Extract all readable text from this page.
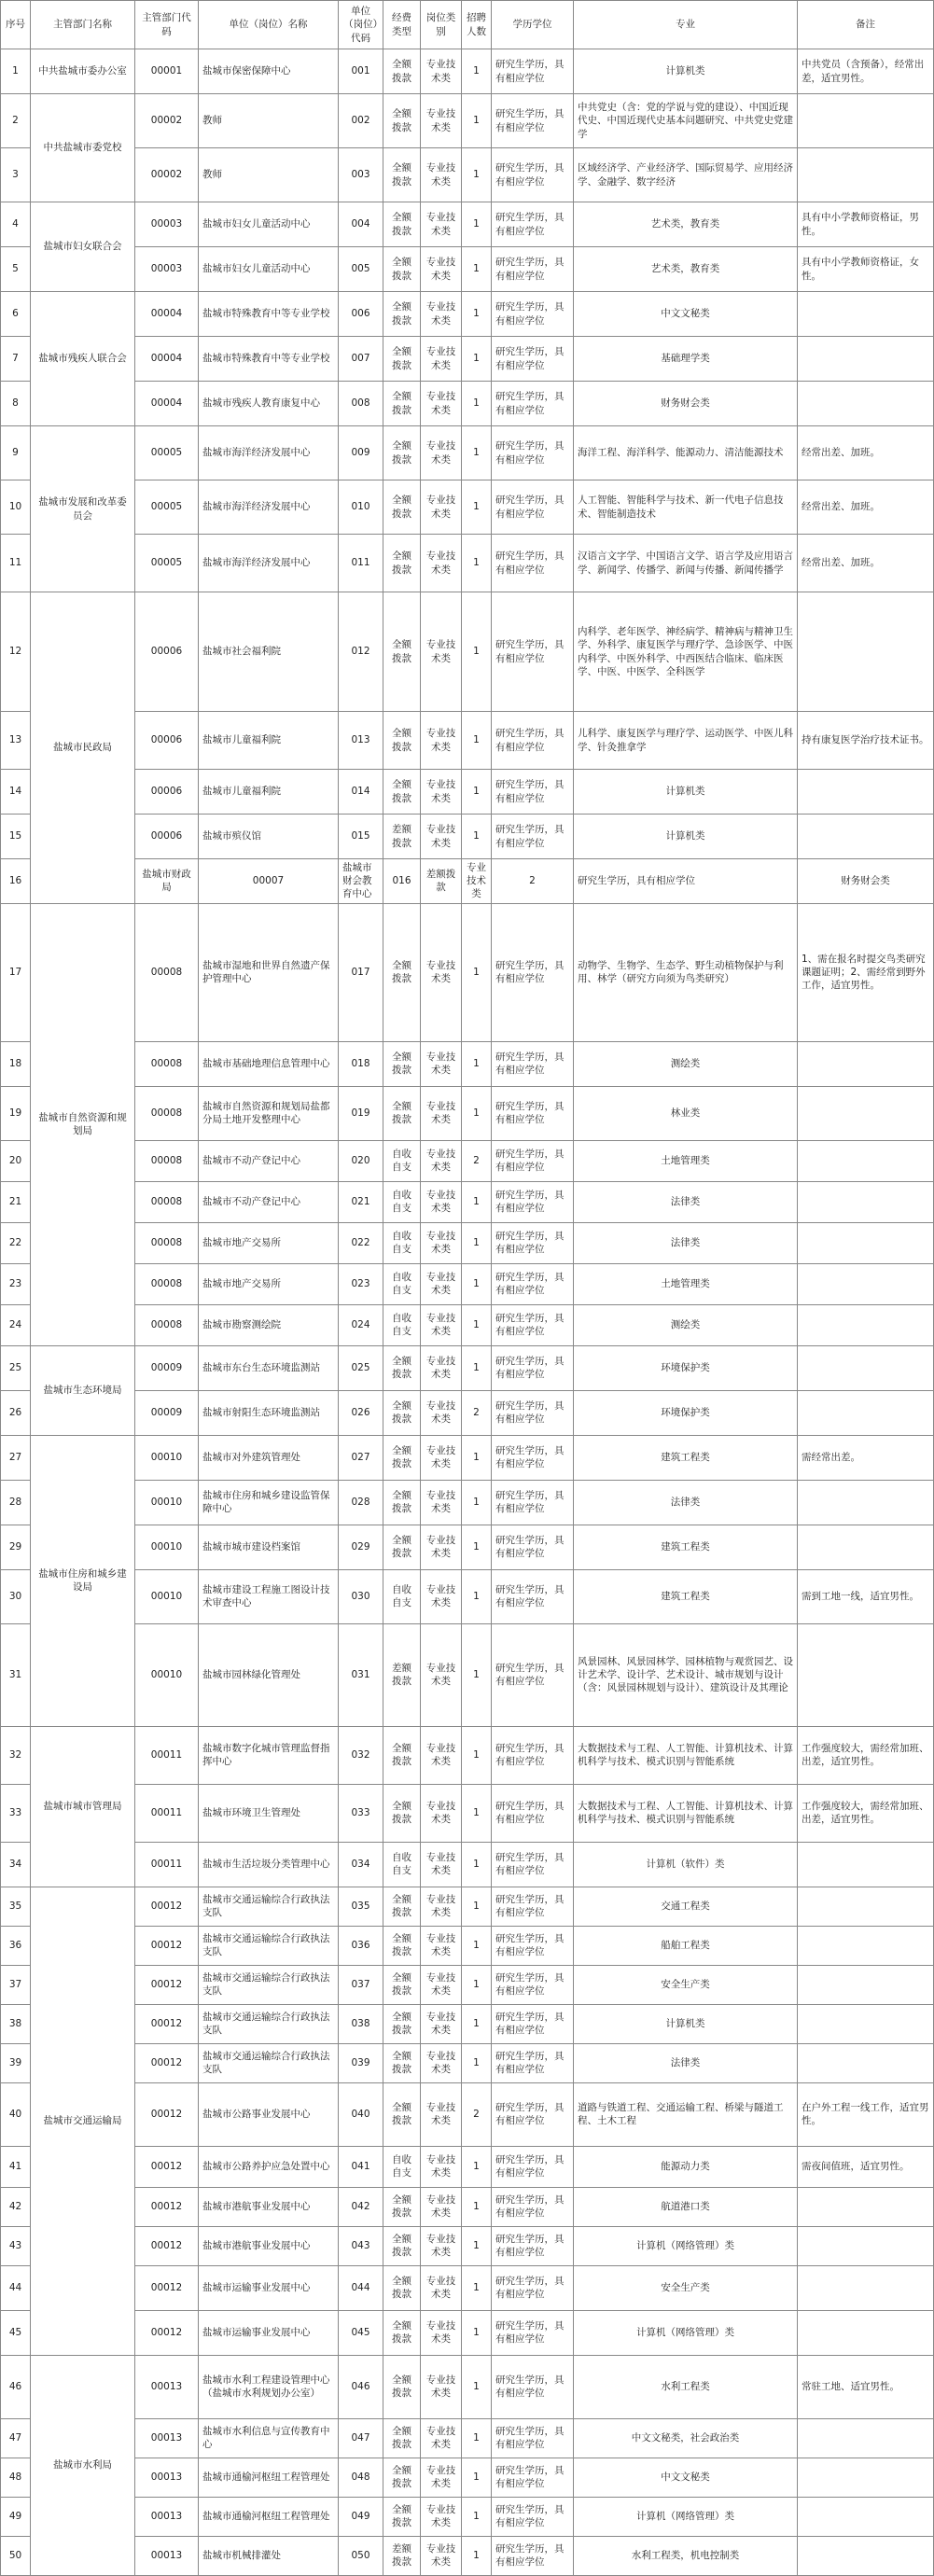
序号	主管部门名称	主管部门代码	单位（岗位）名称	单位（岗位）代码	经费类型	岗位类别	招聘人数	学历学位	专业	备注	
1	中共盐城市委办公室	00001	盐城市保密保障中心	001	全额拨款	专业技术类	1	研究生学历，具有相应学位	计算机类	中共党员（含预备），经常出差，适宜男性。	
2	中共盐城市委党校	00002	教师	002	全额拨款	专业技术类	1	研究生学历，具有相应学位	中共党史（含：党的学说与党的建设）、中国近现代史、中国近现代史基本问题研究、中共党史党建学		
3		00002	教师	003	全额拨款	专业技术类	1	研究生学历，具有相应学位	区域经济学、产业经济学、国际贸易学、应用经济学、金融学、数字经济		
4	盐城市妇女联合会	00003	盐城市妇女儿童活动中心	004	全额拨款	专业技术类	1	研究生学历，具有相应学位	艺术类，教育类	具有中小学教师资格证，男性。	
5		00003	盐城市妇女儿童活动中心	005	全额拨款	专业技术类	1	研究生学历，具有相应学位	艺术类，教育类	具有中小学教师资格证，女性。	
6	盐城市残疾人联合会	00004	盐城市特殊教育中等专业学校	006	全额拨款	专业技术类	1	研究生学历，具有相应学位	中文文秘类		
7		00004	盐城市特殊教育中等专业学校	007	全额拨款	专业技术类	1	研究生学历，具有相应学位	基础理学类		
8		00004	盐城市残疾人教育康复中心	008	全额拨款	专业技术类	1	研究生学历，具有相应学位	财务财会类		
9	盐城市发展和改革委员会	00005	盐城市海洋经济发展中心	009	全额拨款	专业技术类	1	研究生学历，具有相应学位	海洋工程、海洋科学、能源动力、清洁能源技术	经常出差、加班。	
10		00005	盐城市海洋经济发展中心	010	全额拨款	专业技术类	1	研究生学历，具有相应学位	人工智能、智能科学与技术、新一代电子信息技术、智能制造技术	经常出差、加班。	
11		00005	盐城市海洋经济发展中心	011	全额拨款	专业技术类	1	研究生学历，具有相应学位	汉语言文字学、中国语言文学、语言学及应用语言学、新闻学、传播学、新闻与传播、新闻传播学	经常出差、加班。	
12	盐城市民政局	00006	盐城市社会福利院	012	全额拨款	专业技术类	1	研究生学历，具有相应学位	内科学、老年医学、神经病学、精神病与精神卫生学、外科学、康复医学与理疗学、急诊医学、中医内科学、中医外科学、中西医结合临床、临床医学、中医、中医学、全科医学		
13		00006	盐城市儿童福利院	013	全额拨款	专业技术类	1	研究生学历，具有相应学位	儿科学、康复医学与理疗学、运动医学、中医儿科学、针灸推拿学	持有康复医学治疗技术证书。	
14		00006	盐城市儿童福利院	014	全额拨款	专业技术类	1	研究生学历，具有相应学位	计算机类		
15		00006	盐城市殡仪馆	015	差额拨款	专业技术类	1	研究生学历，具有相应学位	计算机类		
16		盐城市财政局	00007	盐城市财会教育中心	016	差额拨款	专业技术类	2	研究生学历，具有相应学位	财务财会类	
17	盐城市自然资源和规划局	00008	盐城市湿地和世界自然遗产保护管理中心	017	全额拨款	专业技术类	1	研究生学历，具有相应学位	动物学、生物学、生态学、野生动植物保护与利用、林学（研究方向须为鸟类研究）	1、需在报名时提交鸟类研究课题证明；2、需经常到野外工作，适宜男性。	
18		00008	盐城市基础地理信息管理中心	018	全额拨款	专业技术类	1	研究生学历，具有相应学位	测绘类		
19		00008	盐城市自然资源和规划局盐都分局土地开发整理中心	019	全额拨款	专业技术类	1	研究生学历，具有相应学位	林业类		
20		00008	盐城市不动产登记中心	020	自收自支	专业技术类	2	研究生学历，具有相应学位	土地管理类		
21		00008	盐城市不动产登记中心	021	自收自支	专业技术类	1	研究生学历，具有相应学位	法律类		
22		00008	盐城市地产交易所	022	自收自支	专业技术类	1	研究生学历，具有相应学位	法律类		
23		00008	盐城市地产交易所	023	自收自支	专业技术类	1	研究生学历，具有相应学位	土地管理类		
24		00008	盐城市勘察测绘院	024	自收自支	专业技术类	1	研究生学历，具有相应学位	测绘类		
25	盐城市生态环境局	00009	盐城市东台生态环境监测站	025	全额拨款	专业技术类	1	研究生学历，具有相应学位	环境保护类		
26		00009	盐城市射阳生态环境监测站	026	全额拨款	专业技术类	2	研究生学历，具有相应学位	环境保护类		
27	盐城市住房和城乡建设局	00010	盐城市对外建筑管理处	027	全额拨款	专业技术类	1	研究生学历，具有相应学位	建筑工程类	需经常出差。	
28		00010	盐城市住房和城乡建设监管保障中心	028	全额拨款	专业技术类	1	研究生学历，具有相应学位	法律类		
29		00010	盐城市城市建设档案馆	029	全额拨款	专业技术类	1	研究生学历，具有相应学位	建筑工程类		
30		00010	盐城市建设工程施工图设计技术审查中心	030	自收自支	专业技术类	1	研究生学历，具有相应学位	建筑工程类	需到工地一线，适宜男性。	
31		00010	盐城市园林绿化管理处	031	差额拨款	专业技术类	1	研究生学历，具有相应学位	风景园林、风景园林学、园林植物与观赏园艺、设计艺术学、设计学、艺术设计、城市规划与设计（含：风景园林规划与设计）、建筑设计及其理论		
32	盐城市城市管理局	00011	盐城市数字化城市管理监督指挥中心	032	全额拨款	专业技术类	1	研究生学历，具有相应学位	大数据技术与工程、人工智能、计算机技术、计算机科学与技术、模式识别与智能系统	工作强度较大，需经常加班、出差，适宜男性。	
33		00011	盐城市环境卫生管理处	033	全额拨款	专业技术类	1	研究生学历，具有相应学位	大数据技术与工程、人工智能、计算机技术、计算机科学与技术、模式识别与智能系统	工作强度较大，需经常加班、出差，适宜男性。	
34		00011	盐城市生活垃圾分类管理中心	034	自收自支	专业技术类	1	研究生学历，具有相应学位	计算机（软件）类		
35	盐城市交通运输局	00012	盐城市交通运输综合行政执法支队	035	全额拨款	专业技术类	1	研究生学历，具有相应学位	交通工程类		
36		00012	盐城市交通运输综合行政执法支队	036	全额拨款	专业技术类	1	研究生学历，具有相应学位	船舶工程类		
37		00012	盐城市交通运输综合行政执法支队	037	全额拨款	专业技术类	1	研究生学历，具有相应学位	安全生产类		
38		00012	盐城市交通运输综合行政执法支队	038	全额拨款	专业技术类	1	研究生学历，具有相应学位	计算机类		
39		00012	盐城市交通运输综合行政执法支队	039	全额拨款	专业技术类	1	研究生学历，具有相应学位	法律类		
40		00012	盐城市公路事业发展中心	040	全额拨款	专业技术类	2	研究生学历，具有相应学位	道路与铁道工程、交通运输工程、桥梁与隧道工程、土木工程	在户外工程一线工作，适宜男性。	
41		00012	盐城市公路养护应急处置中心	041	自收自支	专业技术类	1	研究生学历，具有相应学位	能源动力类	需夜间值班，适宜男性。	
42		00012	盐城市港航事业发展中心	042	全额拨款	专业技术类	1	研究生学历，具有相应学位	航道港口类		
43		00012	盐城市港航事业发展中心	043	全额拨款	专业技术类	1	研究生学历，具有相应学位	计算机（网络管理）类		
44		00012	盐城市运输事业发展中心	044	全额拨款	专业技术类	1	研究生学历，具有相应学位	安全生产类		
45		00012	盐城市运输事业发展中心	045	全额拨款	专业技术类	1	研究生学历，具有相应学位	计算机（网络管理）类		
46	盐城市水利局	00013	盐城市水利工程建设管理中心（盐城市水利规划办公室）	046	全额拨款	专业技术类	1	研究生学历，具有相应学位	水利工程类	常驻工地、适宜男性。	
47		00013	盐城市水利信息与宣传教育中心	047	全额拨款	专业技术类	1	研究生学历，具有相应学位	中文文秘类，社会政治类		
48		00013	盐城市通榆河枢纽工程管理处	048	全额拨款	专业技术类	1	研究生学历，具有相应学位	中文文秘类		
49		00013	盐城市通榆河枢纽工程管理处	049	全额拨款	专业技术类	1	研究生学历，具有相应学位	计算机（网络管理）类		
50		00013	盐城市机械排灌处	050	差额拨款	专业技术类	1	研究生学历，具有相应学位	水利工程类，机电控制类		
